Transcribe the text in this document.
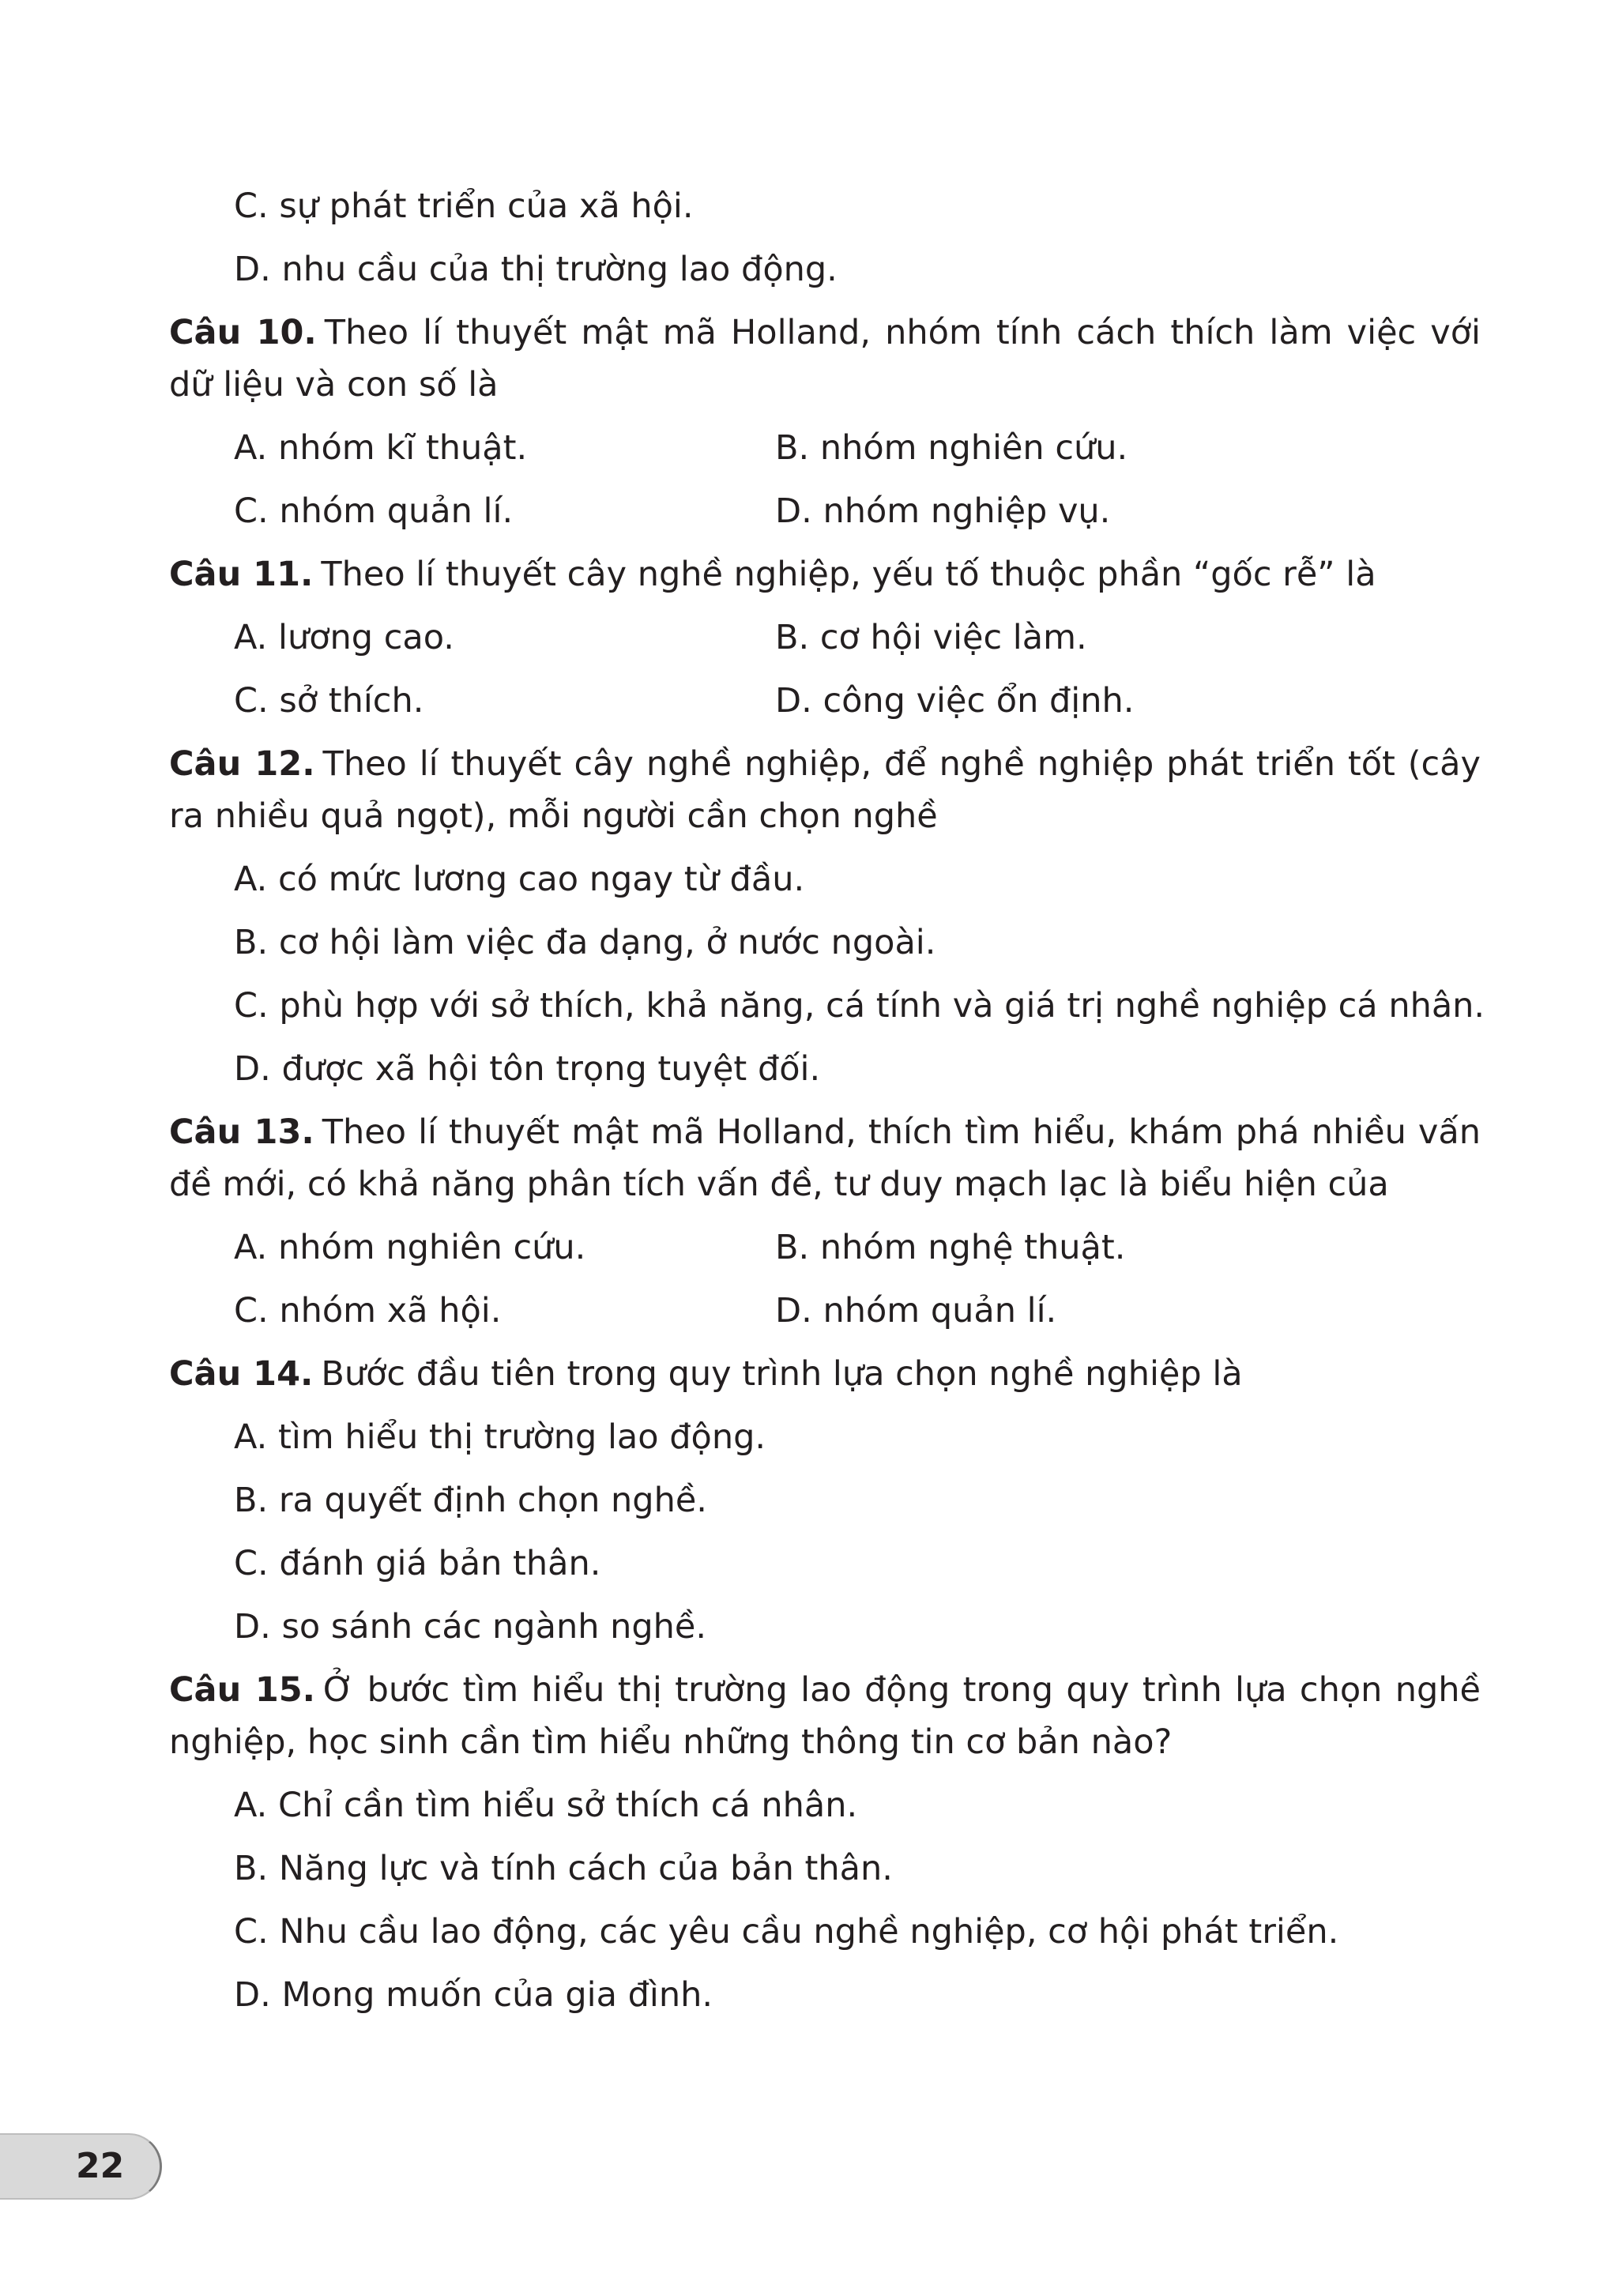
C. sự phát triển của xã hội.
D. nhu cầu của thị trường lao động.

Câu 10. Theo lí thuyết mật mã Holland, nhóm tính cách thích làm việc với dữ liệu và con số là

A. nhóm kĩ thuật.	B. nhóm nghiên cứu.
C. nhóm quản lí.	D. nhóm nghiệp vụ.

Câu 11. Theo lí thuyết cây nghề nghiệp, yếu tố thuộc phần “gốc rễ” là

A. lương cao.	B. cơ hội việc làm.
C. sở thích.	D. công việc ổn định.

Câu 12. Theo lí thuyết cây nghề nghiệp, để nghề nghiệp phát triển tốt (cây ra nhiều quả ngọt), mỗi người cần chọn nghề

A. có mức lương cao ngay từ đầu.
B. cơ hội làm việc đa dạng, ở nước ngoài.
C. phù hợp với sở thích, khả năng, cá tính và giá trị nghề nghiệp cá nhân.
D. được xã hội tôn trọng tuyệt đối.

Câu 13. Theo lí thuyết mật mã Holland, thích tìm hiểu, khám phá nhiều vấn đề mới, có khả năng phân tích vấn đề, tư duy mạch lạc là biểu hiện của

A. nhóm nghiên cứu.	B. nhóm nghệ thuật.
C. nhóm xã hội.	D. nhóm quản lí.

Câu 14. Bước đầu tiên trong quy trình lựa chọn nghề nghiệp là

A. tìm hiểu thị trường lao động.
B. ra quyết định chọn nghề.
C. đánh giá bản thân.
D. so sánh các ngành nghề.

Câu 15. Ở bước tìm hiểu thị trường lao động trong quy trình lựa chọn nghề nghiệp, học sinh cần tìm hiểu những thông tin cơ bản nào?

A. Chỉ cần tìm hiểu sở thích cá nhân.
B. Năng lực và tính cách của bản thân.
C. Nhu cầu lao động, các yêu cầu nghề nghiệp, cơ hội phát triển.
D. Mong muốn của gia đình.
22
